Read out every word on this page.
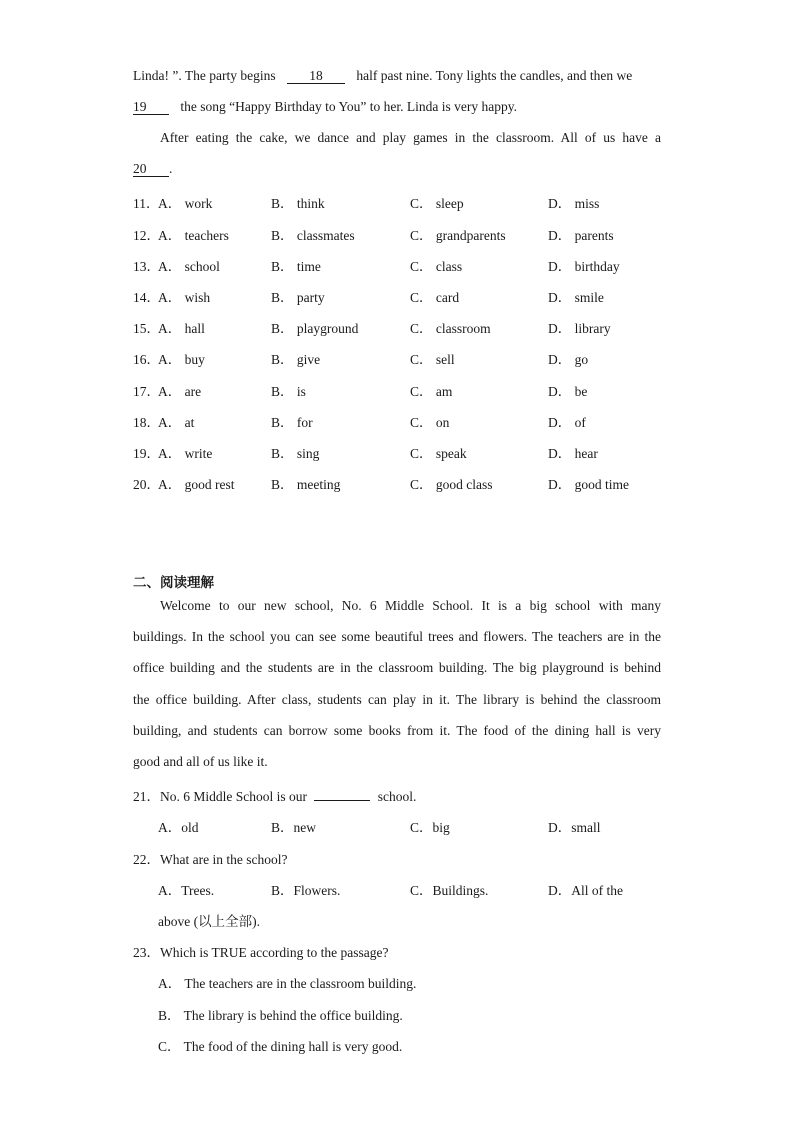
Linda! ”. The party begins 18 half past nine. Tony lights the candles, and then we
19	the song “Happy Birthday to You” to her. Linda is very happy.
After eating the cake, we dance and play games in the classroom. All of us have a
20 .
11．
A． work	B． think	C． sleep	D． miss
12．
A． teachers	B． classmates	C． grandparents	D． parents
13．
A． school	B． time	C． class	D． birthday
14．
A． wish	B． party	C． card	D． smile
15．
A． hall	B． playground	C． classroom	D． library
16．
A． buy	B． give	C． sell	D． go
17．
A． are	B． is	C． am	D． be
18．
A． at	B． for	C． on	D． of
19．
A． write	B． sing	C． speak	D． hear
20．
A． good rest	B． meeting	C． good class	D． good time
二、阅读理解
Welcome to our new school, No. 6 Middle School. It is a big school with many
buildings. In the school you can see some beautiful trees and flowers. The teachers are in the
office building and the students are in the classroom building. The big playground is behind
the office building. After class, students can play in it. The library is behind the classroom
building, and students can borrow some books from it. The food of the dining hall is very
good and all of us like it.
21．No. 6 Middle School is our	school.
A．old	B．new	C．big	D．small
22．What are in the school?
A．Trees.	B．Flowers.	C．Buildings.	D．All of the
above (以上全部).
23．Which is TRUE according to the passage?
A． The teachers are in the classroom building.
B． The library is behind the office building.
C． The food of the dining hall is very good.
